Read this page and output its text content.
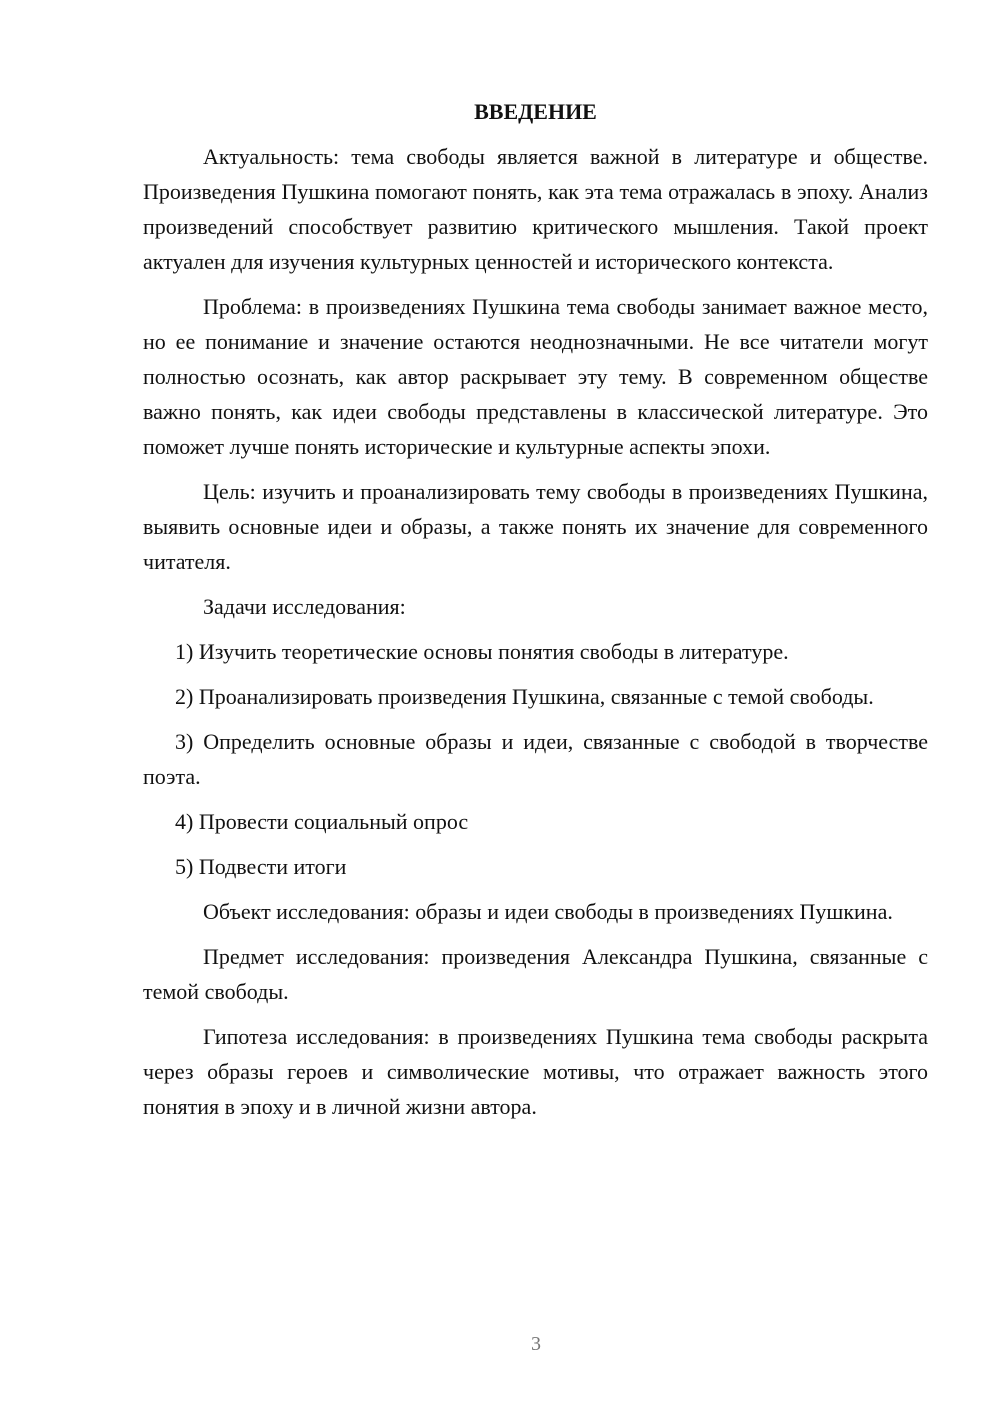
ВВЕДЕНИЕ

Актуальность: тема свободы является важной в литературе и обществе. Произведения Пушкина помогают понять, как эта тема отражалась в эпоху. Анализ произведений способствует развитию критического мышления. Такой проект актуален для изучения культурных ценностей и исторического контекста.

Проблема: в произведениях Пушкина тема свободы занимает важное место, но ее понимание и значение остаются неоднозначными. Не все читатели могут полностью осознать, как автор раскрывает эту тему. В современном обществе важно понять, как идеи свободы представлены в классической литературе. Это поможет лучше понять исторические и культурные аспекты эпохи.

Цель: изучить и проанализировать тему свободы в произведениях Пушкина, выявить основные идеи и образы, а также понять их значение для современного читателя.

Задачи исследования:

1) Изучить теоретические основы понятия свободы в литературе.

2) Проанализировать произведения Пушкина, связанные с темой свободы.

3) Определить основные образы и идеи, связанные с свободой в творчестве поэта.

4) Провести социальный опрос

5) Подвести итоги

Объект исследования: образы и идеи свободы в произведениях Пушкина.

Предмет исследования: произведения Александра Пушкина, связанные с темой свободы.

Гипотеза исследования: в произведениях Пушкина тема свободы раскрыта через образы героев и символические мотивы, что отражает важность этого понятия в эпоху и в личной жизни автора.

3
